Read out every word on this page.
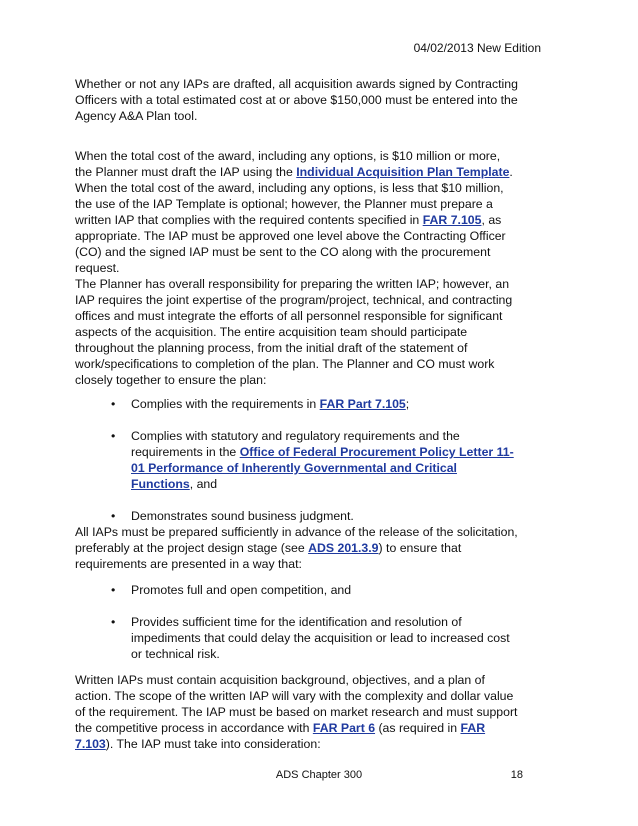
04/02/2013 New Edition

Whether or not any IAPs are drafted, all acquisition awards signed by Contracting Officers with a total estimated cost at or above $150,000 must be entered into the Agency A&A Plan tool.

When the total cost of the award, including any options, is $10 million or more, the Planner must draft the IAP using the Individual Acquisition Plan Template. When the total cost of the award, including any options, is less that $10 million, the use of the IAP Template is optional; however, the Planner must prepare a written IAP that complies with the required contents specified in FAR 7.105, as appropriate. The IAP must be approved one level above the Contracting Officer (CO) and the signed IAP must be sent to the CO along with the procurement request.

The Planner has overall responsibility for preparing the written IAP; however, an IAP requires the joint expertise of the program/project, technical, and contracting offices and must integrate the efforts of all personnel responsible for significant aspects of the acquisition. The entire acquisition team should participate throughout the planning process, from the initial draft of the statement of work/specifications to completion of the plan. The Planner and CO must work closely together to ensure the plan:

• Complies with the requirements in FAR Part 7.105;
• Complies with statutory and regulatory requirements and the requirements in the Office of Federal Procurement Policy Letter 11-01 Performance of Inherently Governmental and Critical Functions, and
• Demonstrates sound business judgment.

All IAPs must be prepared sufficiently in advance of the release of the solicitation, preferably at the project design stage (see ADS 201.3.9) to ensure that requirements are presented in a way that:

• Promotes full and open competition, and
• Provides sufficient time for the identification and resolution of impediments that could delay the acquisition or lead to increased cost or technical risk.

Written IAPs must contain acquisition background, objectives, and a plan of action. The scope of the written IAP will vary with the complexity and dollar value of the requirement. The IAP must be based on market research and must support the competitive process in accordance with FAR Part 6 (as required in FAR 7.103). The IAP must take into consideration:

ADS Chapter 300	18
